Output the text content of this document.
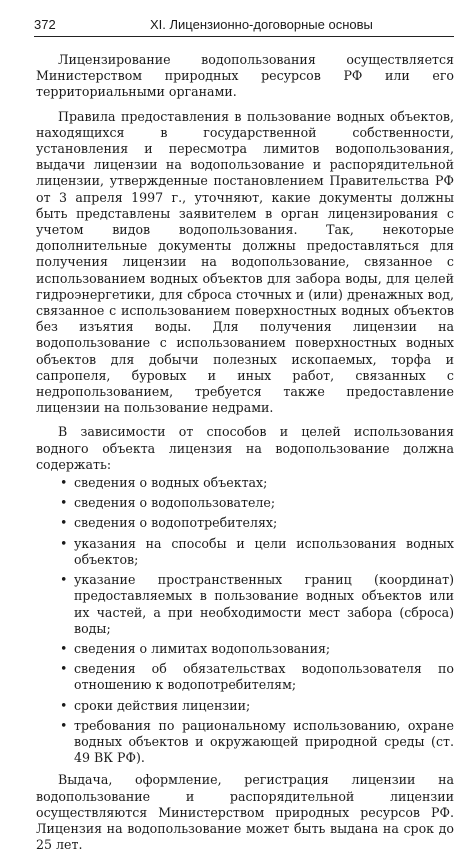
372	XI. Лицензионно-договорные основы

Лицензирование водопользования осуществляется Министерством природных ресурсов РФ или его территориальными органами.

Правила предоставления в пользование водных объектов, находящихся в государственной собственности, установления и пересмотра лимитов водопользования, выдачи лицензии на водопользование и распорядительной лицензии, утвержденные постановлением Правительства РФ от 3 апреля 1997 г., уточняют, какие документы должны быть представлены заявителем в орган лицензирования с учетом видов водопользования. Так, некоторые дополнительные документы должны предоставляться для получения лицензии на водопользование, связанное с использованием водных объектов для забора воды, для целей гидроэнергетики, для сброса сточных и (или) дренажных вод, связанное с использованием поверхностных водных объектов без изъятия воды. Для получения лицензии на водопользование с использованием поверхностных водных объектов для добычи полезных ископаемых, торфа и сапропеля, буровых и иных работ, связанных с недропользованием, требуется также предоставление лицензии на пользование недрами.

В зависимости от способов и целей использования водного объекта лицензия на водопользование должна содержать:

• сведения о водных объектах;
• сведения о водопользователе;
• сведения о водопотребителях;
• указания на способы и цели использования водных объектов;
• указание пространственных границ (координат) предоставляемых в пользование водных объектов или их частей, а при необходимости мест забора (сброса) воды;
• сведения о лимитах водопользования;
• сведения об обязательствах водопользователя по отношению к водопотребителям;
• сроки действия лицензии;
• требования по рациональному использованию, охране водных объектов и окружающей природной среды (ст. 49 ВК РФ).

Выдача, оформление, регистрация лицензии на водопользование и распорядительной лицензии осуществляются Министерством природных ресурсов РФ. Лицензия на водопользование может быть выдана на срок до 25 лет.
